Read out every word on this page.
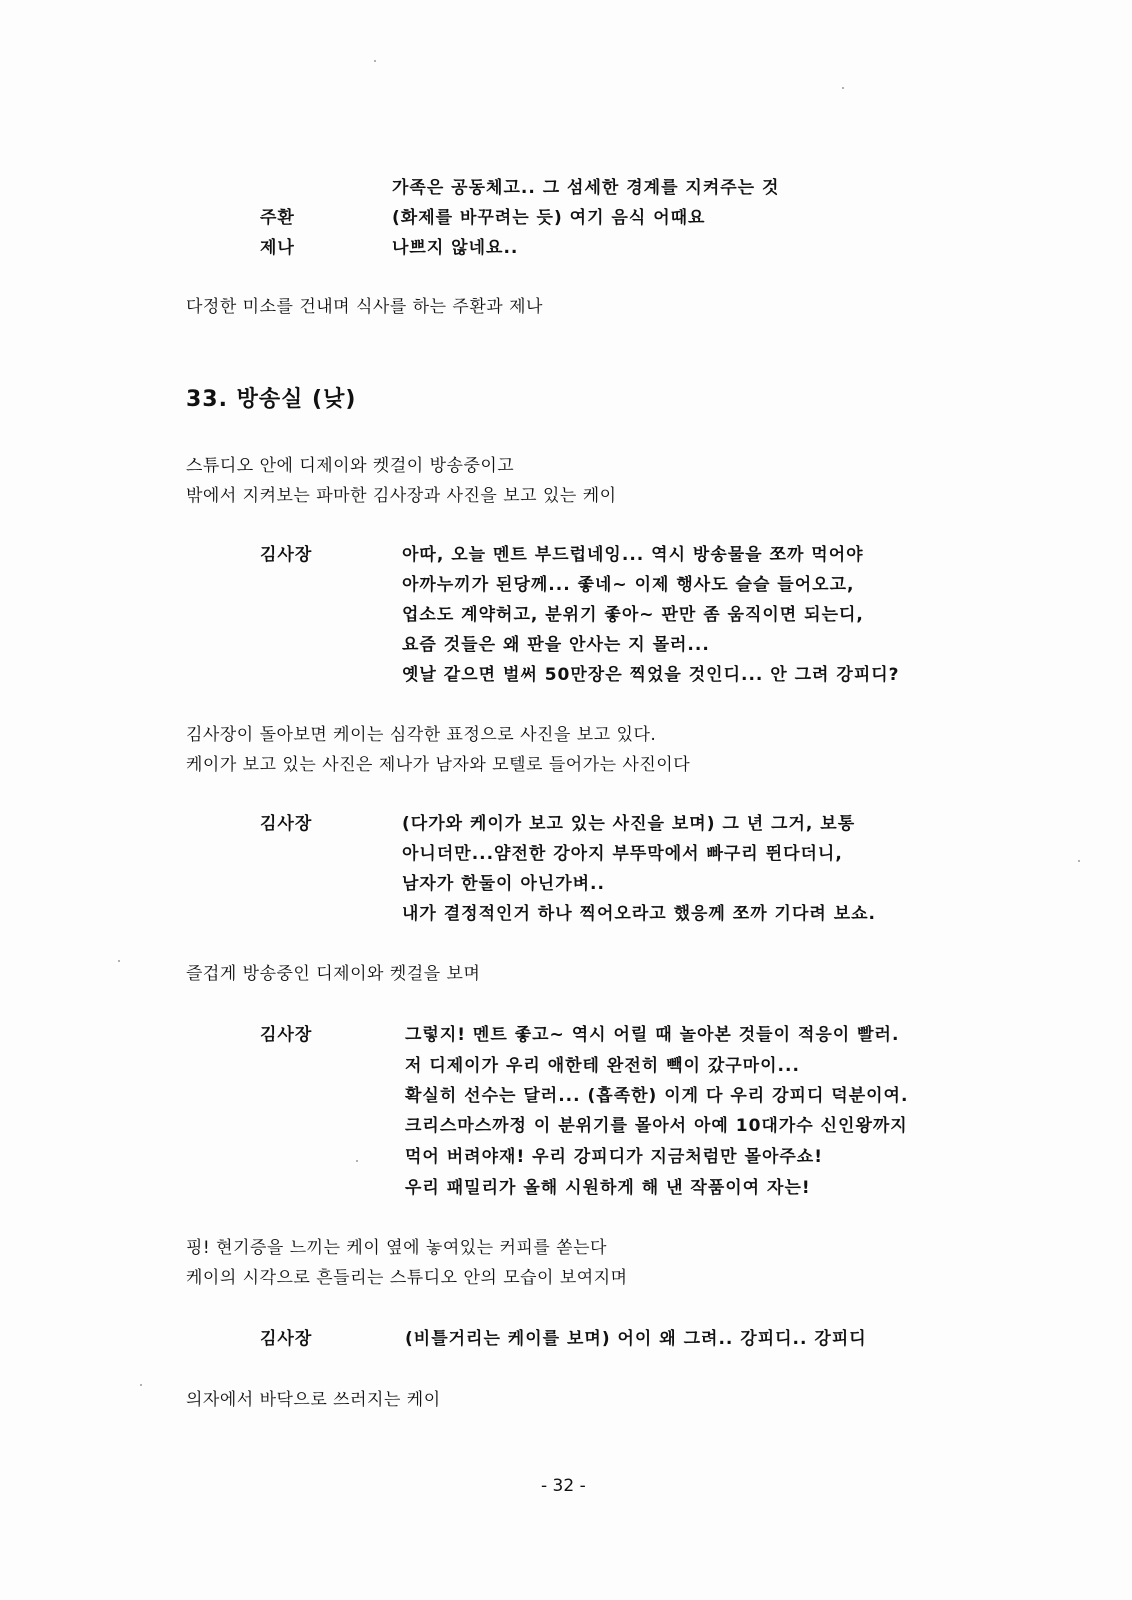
가족은 공동체고.. 그 섬세한 경계를 지켜주는 것
주환	(화제를 바꾸려는 듯) 여기 음식 어때요
제나	나쁘지 않네요..
다정한 미소를 건내며 식사를 하는 주환과 제나
33. 방송실 (낮)
스튜디오 안에 디제이와 켓걸이 방송중이고
밖에서 지켜보는 파마한 김사장과 사진을 보고 있는 케이
김사장	아따, 오늘 멘트 부드럽네잉... 역시 방송물을 쪼까 먹어야
아까누끼가 된당께... 좋네~ 이제 행사도 슬슬 들어오고,
업소도 계약허고, 분위기 좋아~ 판만 좀 움직이면 되는디,
요즘 것들은 왜 판을 안사는 지 몰러...
옛날 같으면 벌써 50만장은 찍었을 것인디... 안 그려 강피디?
김사장이 돌아보면 케이는 심각한 표정으로 사진을 보고 있다.
케이가 보고 있는 사진은 제나가 남자와 모텔로 들어가는 사진이다
김사장	(다가와 케이가 보고 있는 사진을 보며) 그 년 그거, 보통
아니더만...얌전한 강아지 부뚜막에서 빠구리 뛴다더니,
남자가 한둘이 아닌가벼..
내가 결정적인거 하나 찍어오라고 했응께 쪼까 기다려 보쇼.
즐겁게 방송중인 디제이와 켓걸을 보며
김사장	그렇지! 멘트 좋고~ 역시 어릴 때 놀아본 것들이 적응이 빨러.
저 디제이가 우리 애한테 완전히 빽이 갔구마이...
확실히 선수는 달러... (흡족한) 이게 다 우리 강피디 덕분이여.
크리스마스까정 이 분위기를 몰아서 아예 10대가수 신인왕까지
먹어 버려야재! 우리 강피디가 지금처럼만 몰아주쇼!
우리 패밀리가 올해 시원하게 해 낸 작품이여 자는!
핑! 현기증을 느끼는 케이 옆에 놓여있는 커피를 쏟는다
케이의 시각으로 흔들리는 스튜디오 안의 모습이 보여지며
김사장	(비틀거리는 케이를 보며) 어이 왜 그려.. 강피디.. 강피디
의자에서 바닥으로 쓰러지는 케이
- 32 -
